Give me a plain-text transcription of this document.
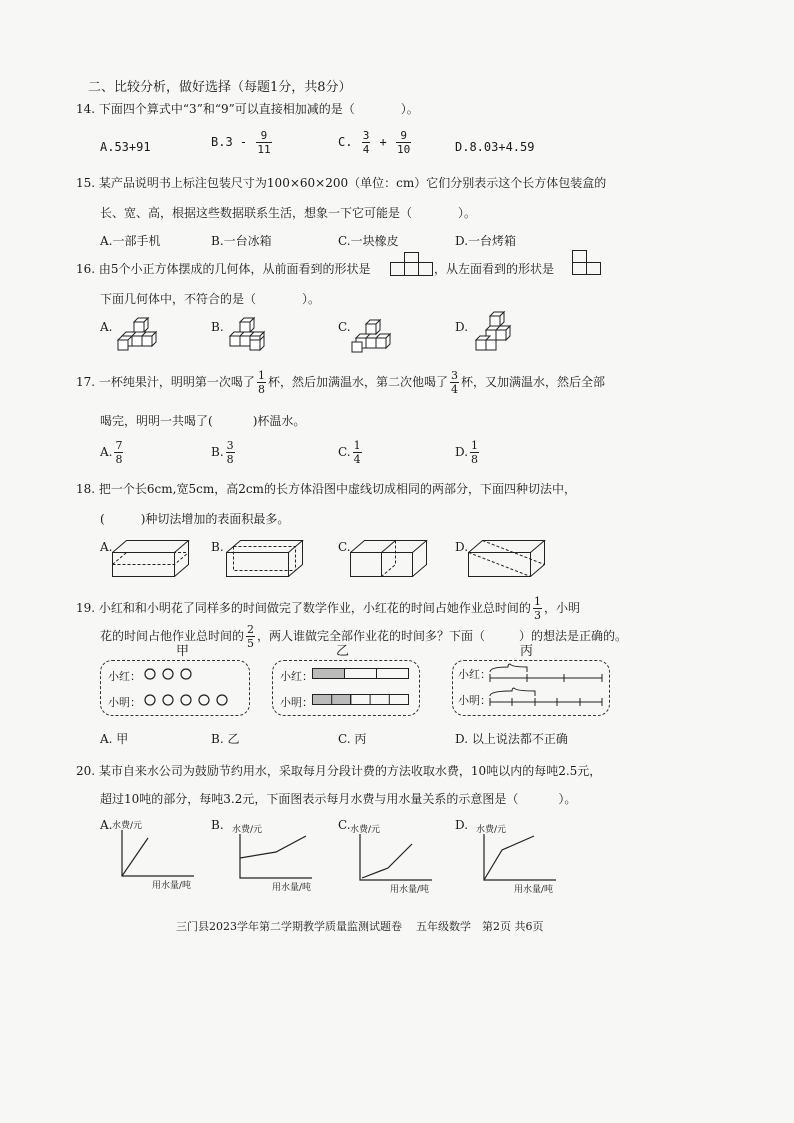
二、比较分析，做好选择（每题1分，共8分）
14. 下面四个算式中“3”和“9”可以直接相加减的是（	）。
A.53+91	$B.3 - \frac{9}{11}$	C. $\frac{3}{4} + \frac{9}{10}$	D.8.03+4.59
15. 某产品说明书上标注包装尺寸为100×60×200（单位：cm）它们分别表示这个长方体包装盒的
长、宽、高，根据这些数据联系生活，想象一下它可能是（	）。
A.一部手机	B.一台冰箱	C.一块橡皮	D.一台烤箱
16. 由5个小正方体摆成的几何体，从前面看到的形状是	，从左面看到的形状是
下面几何体中，不符合的是（	）。
A.	B.	C.	D.
17. 一杯纯果汁，明明第一次喝了 $\frac{1}{8}$ 杯，然后加满温水，第二次他喝了 $\frac{3}{4}$ 杯，又加满温水，然后全部
喝完，明明一共喝了(	)杯温水。
A. $\frac{7}{8}$	B. $\frac{3}{8}$	C. $\frac{1}{4}$	D. $\frac{1}{8}$
18. 把一个长6cm,宽5cm，高2cm的长方体沿图中虚线切成相同的两部分，下面四种切法中，
(	)种切法增加的表面积最多。
A.	B.	C.	D.
19. 小红和和小明花了同样多的时间做完了数学作业，小红花的时间占她作业总时间的 $\frac{1}{3}$ ，小明
花的时间占他作业总时间的 $\frac{2}{5}$ ，两人谁做完全部作业花的时间多？下面（	）的想法是正确的。
甲	乙	丙
小红：
小明：
小红：
小明：
小红：
小明：
A. 甲	B. 乙	C. 丙	D. 以上说法都不正确
20. 某市自来水公司为鼓励节约用水，采取每月分段计费的方法收取水费，10吨以内的每吨2.5元，
超过10吨的部分，每吨3.2元，下面图表示每月水费与用水量关系的示意图是（	）。
A.	B.	C.	D.
水费/元
用水量/吨
水费/元
用水量/吨
水费/元
用水量/吨
水费/元
用水量/吨
三门县2023学年第二学期教学质量监测试题卷 五年级数学 第2页 共6页
